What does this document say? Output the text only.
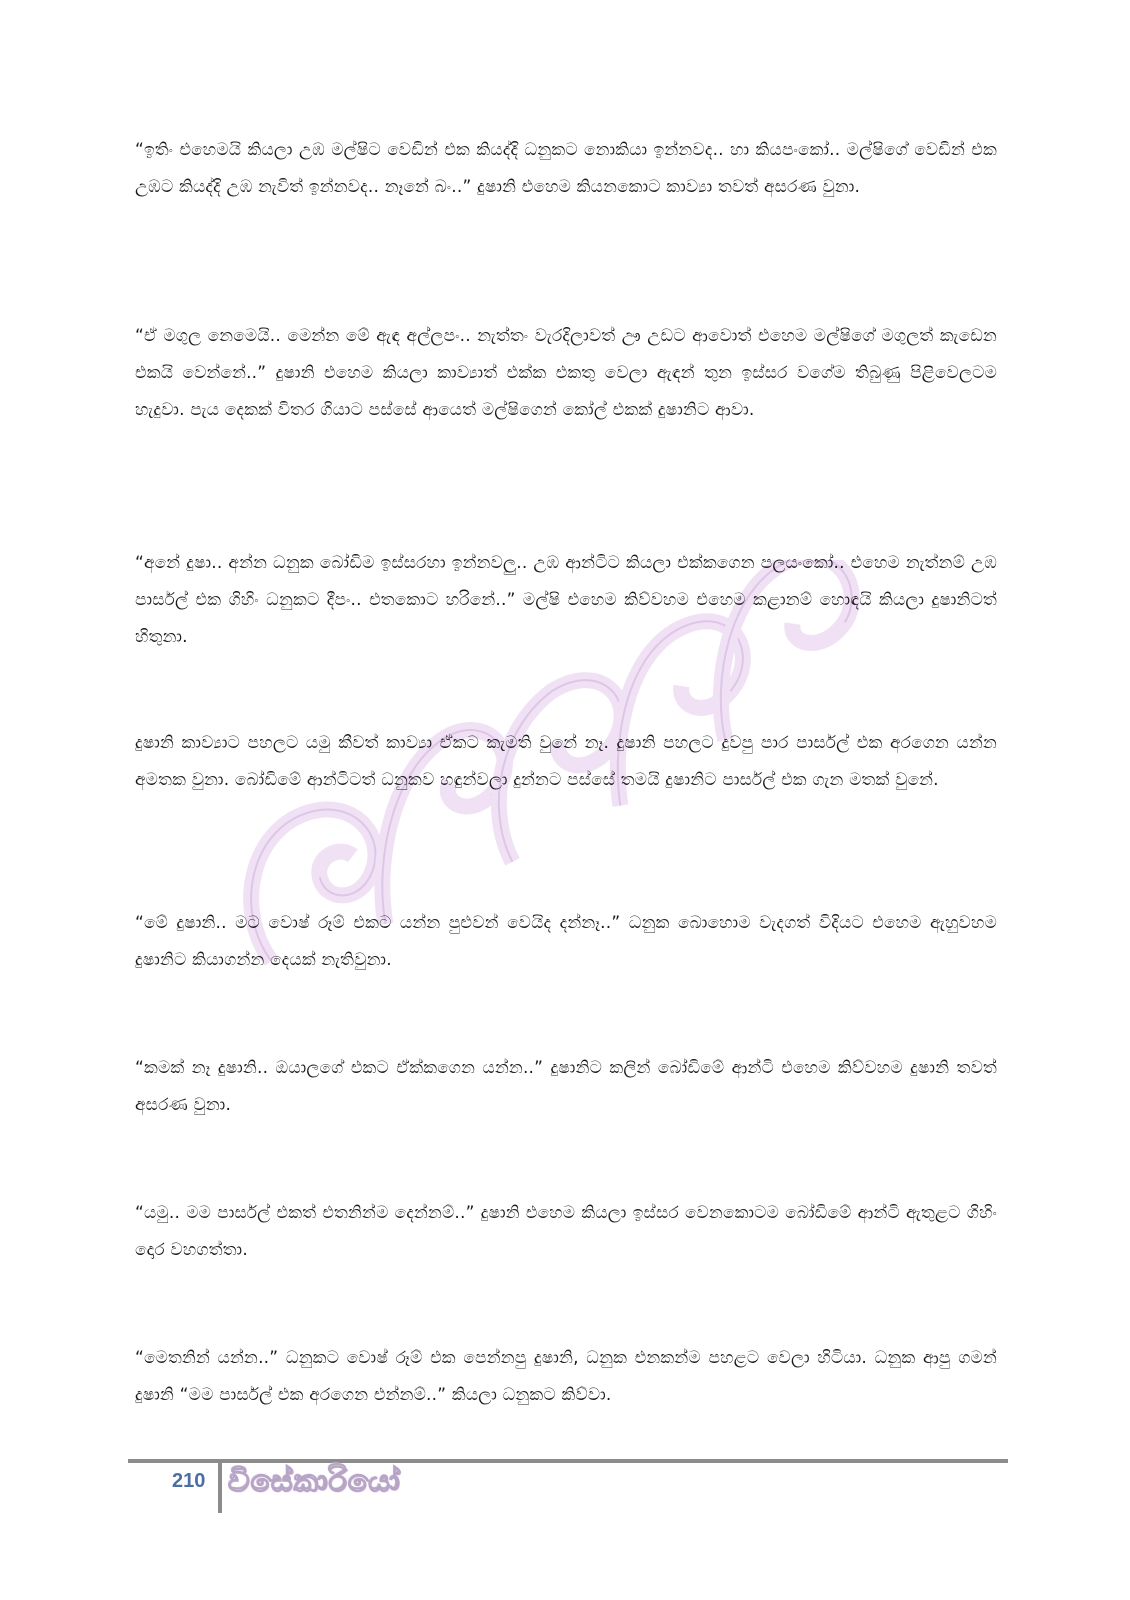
“ඉතිං එහෙමයි කියලා උඹ මල්ෂිට වෙඩින් එක කියද්දි ධනුකට නොකියා ඉන්නවද.. හා කියපංකෝ.. මල්ෂිගේ වෙඩින් එක උඹට කියද්දි උඹ නැවිත් ඉන්නවද.. නෑනේ බං..” දුෂානි එහෙම කියනකොට කාව්‍යා තවත් අසරණ වුනා.

“ඒ මගුල නෙමෙයි.. මෙන්න මේ ඇඳ අල්ලපං.. නැත්තං වැරදිලාවත් ඌ උඩට ආවොත් එහෙම මල්ෂිගේ මගුලත් කැඩෙන එකයි වෙන්නේ..” දුෂානි එහෙම කියලා කාව්‍යාත් එක්ක එකතු වෙලා ඇඳන් තුන ඉස්සර වගේම තිබුණු පිළිවෙලටම හැදුවා. පැය දෙකක් විතර ගියාට පස්සේ ආයෙත් මල්ෂිගෙන් කෝල් එකක් දුෂානිට ආවා.

“අනේ දුෂා.. අන්න ධනුක බෝඩිම ඉස්සරහා ඉන්නවලු.. උඹ ආන්ටිට කියලා එක්කගෙන පලයංකෝ.. එහෙම නැත්නම් උඹ පාර්සල් එක ගිහිං ධනුකට දීපං.. එතකොට හරිනේ..” මල්ෂි එහෙම කිව්වහම එහෙම කළානම් හොඳයි කියලා දුෂානිටත් හිතුනා.

දුෂානි කාව්‍යාට පහලට යමු කීවත් කාව්‍යා ඒකට කැමති වුනේ නෑ. දුෂානි පහලට දුවපු පාර පාර්සල් එක අරගෙන යන්න අමතක වුනා. බෝඩිමේ ආන්ටිටත් ධනුකව හඳුන්වලා දුන්නට පස්සේ තමයි දුෂානිට පාර්සල් එක ගැන මතක් වුනේ.

“මේ දුෂානි.. මට වොෂ් රූම් එකට යන්න පුළුවන් වෙයිද දන්නෑ..” ධනුක බොහොම වැදගත් විදියට එහෙම ඇහුවහම දුෂානිට කියාගන්න දෙයක් නැතිවුනා.

“කමක් නෑ දුෂානි.. ඔයාලගේ එකට ඒක්කගෙන යන්න..” දුෂානිට කලින් බෝඩිමේ ආන්ටි එහෙම කිව්වහම දුෂානි තවත් අසරණ වුනා.

“යමු.. මම පාර්සල් එකත් එතනින්ම දෙන්නම්..” දුෂානි එහෙම කියලා ඉස්සර වෙනකොටම බෝඩිමේ ආන්ටි ඇතුළට ගිහිං දොර වහගත්තා.

“මෙතනින් යන්න..” ධනුකට වොෂ් රූම් එක පෙන්නපු දුෂානි, ධනුක එනකන්ම පහළට වෙලා හිටියා. ධනුක ආපු ගමන් දුෂානි “මම පාර්සල් එක අරගෙන එන්නම්..” කියලා ධනුකට කිව්වා.

210 විසේකාරියෝ
